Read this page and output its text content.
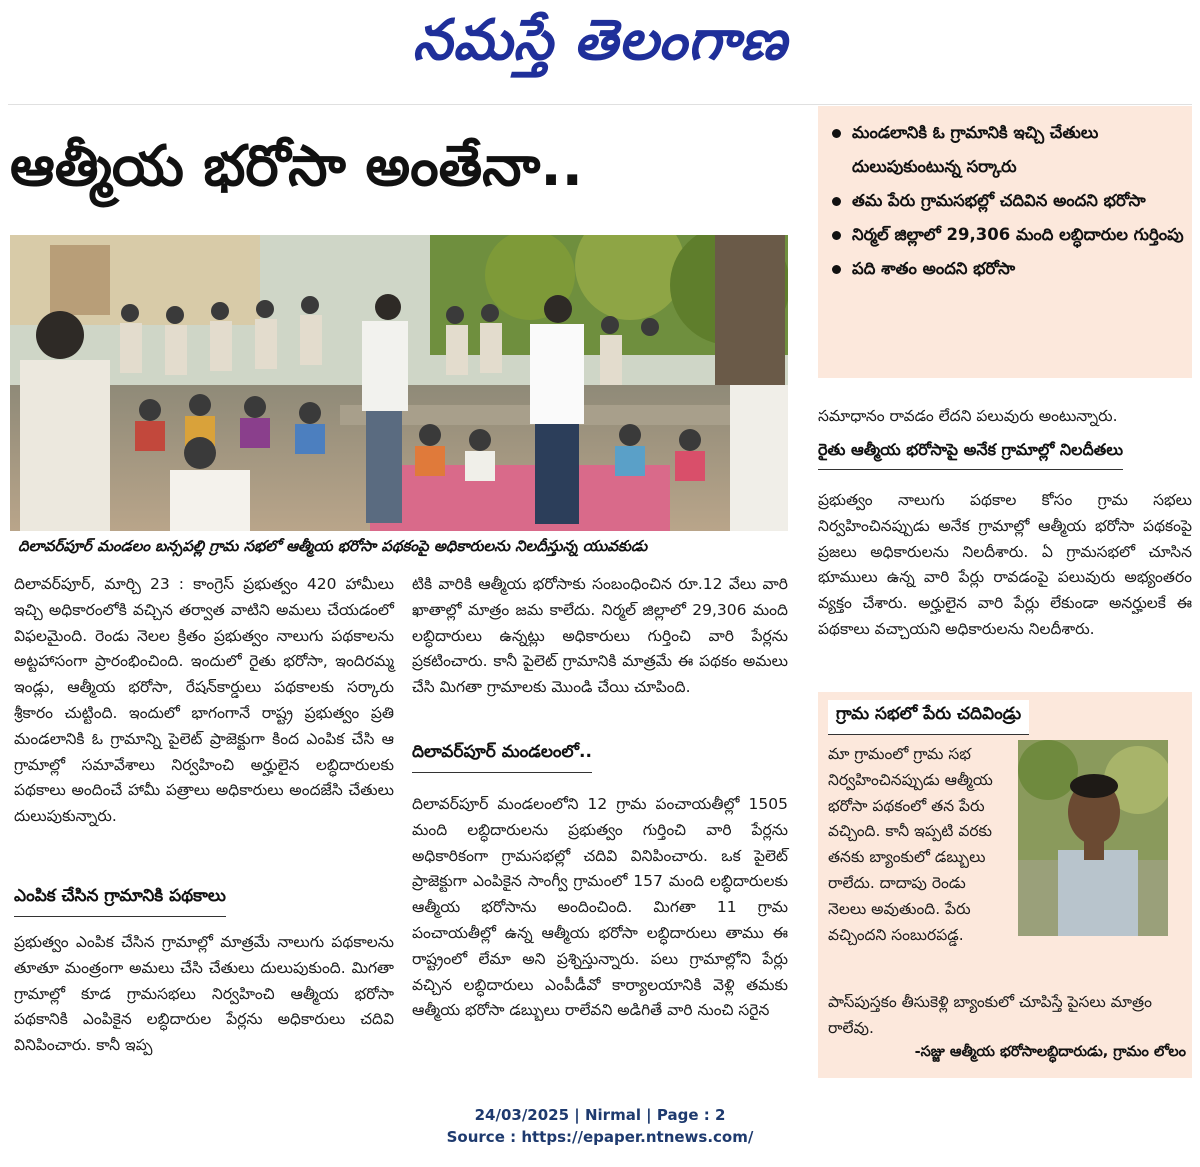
నమస్తే తెలంగాణ
ఆత్మీయ భరోసా అంతేనా..
దిలావర్‌పూర్ మండలం బన్సపల్లి గ్రామ సభలో ఆత్మీయ భరోసా పథకంపై అధికారులను నిలదీస్తున్న యువకుడు
మండలానికి ఓ గ్రామానికి ఇచ్చి చేతులు దులుపుకుంటున్న సర్కారు
తమ పేరు గ్రామసభల్లో చదివిన అందని భరోసా
నిర్మల్ జిల్లాలో 29,306 మంది లబ్ధిదారుల గుర్తింపు
పది శాతం అందని భరోసా

దిలావర్‌పూర్, మార్చి 23 : కాంగ్రెస్ ప్రభుత్వం 420 హామీలు ఇచ్చి అధికారంలోకి వచ్చిన తర్వాత వాటిని అమలు చేయడంలో విఫలమైంది. రెండు నెలల క్రితం ప్రభుత్వం నాలుగు పథకాలను అట్టహాసంగా ప్రారంభించింది. ఇందులో రైతు భరోసా, ఇందిరమ్మ ఇండ్లు, ఆత్మీయ భరోసా, రేషన్‌కార్డులు పథకాలకు సర్కారు శ్రీకారం చుట్టింది. ఇందులో భాగంగానే రాష్ట్ర ప్రభుత్వం ప్రతి మండలానికి ఓ గ్రామాన్ని పైలెట్ ప్రాజెక్టుగా కింద ఎంపిక చేసి ఆ గ్రామాల్లో సమావేశాలు నిర్వహించి అర్హులైన లబ్ధిదారులకు పథకాలు అందించే హామీ పత్రాలు అధికారులు అందజేసి చేతులు దులుపుకున్నారు.

ఎంపిక చేసిన గ్రామానికి పథకాలు

ప్రభుత్వం ఎంపిక చేసిన గ్రామాల్లో మాత్రమే నాలుగు పథకాలను తూతూ మంత్రంగా అమలు చేసి చేతులు దులుపుకుంది. మిగతా గ్రామాల్లో కూడ గ్రామసభలు నిర్వహించి ఆత్మీయ భరోసా పథకానికి ఎంపికైన లబ్ధిదారుల పేర్లను అధికారులు చదివి వినిపించారు. కానీ ఇప్ప

టికి వారికి ఆత్మీయ భరోసాకు సంబంధించిన రూ.12 వేలు వారి ఖాతాల్లో మాత్రం జమ కాలేదు. నిర్మల్ జిల్లాలో 29,306 మంది లబ్ధిదారులు ఉన్నట్లు అధికారులు గుర్తించి వారి పేర్లను ప్రకటించారు. కానీ పైలెట్ గ్రామానికి మాత్రమే ఈ పథకం అమలు చేసి మిగతా గ్రామాలకు మొండి చేయి చూపింది.

దిలావర్‌పూర్ మండలంలో..

దిలావర్‌పూర్ మండలంలోని 12 గ్రామ పంచాయతీల్లో 1505 మంది లబ్ధిదారులను ప్రభుత్వం గుర్తించి వారి పేర్లను అధికారికంగా గ్రామసభల్లో చదివి వినిపించారు. ఒక పైలెట్ ప్రాజెక్టుగా ఎంపికైన సాంగ్వీ గ్రామంలో 157 మంది లబ్ధిదారులకు ఆత్మీయ భరోసాను అందించింది. మిగతా 11 గ్రామ పంచాయతీల్లో ఉన్న ఆత్మీయ భరోసా లబ్ధిదారులు తాము ఈ రాష్ట్రంలో లేమా అని ప్రశ్నిస్తున్నారు. పలు గ్రామాల్లోని పేర్లు వచ్చిన లబ్ధిదారులు ఎంపీడీవో కార్యాలయానికి వెళ్లి తమకు ఆత్మీయ భరోసా డబ్బులు రాలేవని అడిగితే వారి నుంచి సరైన

సమాధానం రావడం లేదని పలువురు అంటున్నారు.

రైతు ఆత్మీయ భరోసాపై అనేక గ్రామాల్లో నిలదీతలు

ప్రభుత్వం నాలుగు పథకాల కోసం గ్రామ సభలు నిర్వహించినప్పుడు అనేక గ్రామాల్లో ఆత్మీయ భరోసా పథకంపై ప్రజలు అధికారులను నిలదీశారు. ఏ గ్రామసభలో చూసిన భూములు ఉన్న వారి పేర్లు రావడంపై పలువురు అభ్యంతరం వ్యక్తం చేశారు. అర్హులైన వారి పేర్లు లేకుండా అనర్హులకే ఈ పథకాలు వచ్చాయని అధికారులను నిలదీశారు.

గ్రామ సభలో పేరు చదివిండ్రు
మా గ్రామంలో గ్రామ సభ నిర్వహించినప్పుడు ఆత్మీయ భరోసా పథకంలో తన పేరు వచ్చింది. కానీ ఇప్పటి వరకు తనకు బ్యాంకులో డబ్బులు రాలేదు. దాదాపు రెండు నెలలు అవుతుంది. పేరు వచ్చిందని సంబురపడ్డ.
పాస్‌పుస్తకం తీసుకెళ్లి బ్యాంకులో చూపిస్తే పైసలు మాత్రం రాలేవు.
-సజ్జు ఆత్మీయ భరోసాలబ్ధిదారుడు, గ్రామం లోలం
24/03/2025 | Nirmal | Page : 2
Source : https://epaper.ntnews.com/
